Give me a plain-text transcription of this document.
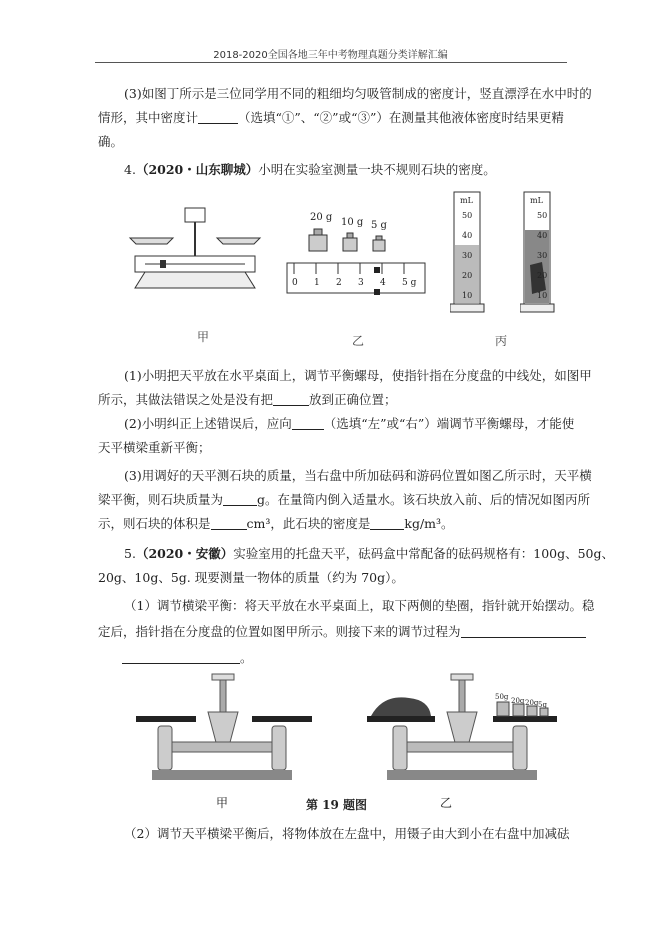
2018-2020全国各地三年中考物理真题分类详解汇编
(3)如图丁所示是三位同学用不同的粗细均匀吸管制成的密度计，竖直漂浮在水中时的
情形，其中密度计	（选填“①”、“②”或“③”）在测量其他液体密度时结果更精
确。
4.（2020・山东聊城）小明在实验室测量一块不规则石块的密度。
20 g 10 g 5 g
0	1	2	3	4	5 g
mL	mL
50
40
30
20
10
50
40
30
20
10
甲	乙	丙
(1)小明把天平放在水平桌面上，调节平衡螺母，使指针指在分度盘的中线处，如图甲
所示，其做法错误之处是没有把	放到正确位置；
(2)小明纠正上述错误后，应向	（选填“左”或“右”）端调节平衡螺母，才能使
天平横梁重新平衡；
(3)用调好的天平测石块的质量，当右盘中所加砝码和游码位置如图乙所示时，天平横
梁平衡，则石块质量为	g。在量筒内倒入适量水。该石块放入前、后的情况如图丙所
示，则石块的体积是	cm³，此石块的密度是	kg/m³。
5.（2020・安徽）实验室用的托盘天平，砝码盒中常配备的砝码规格有：100g、50g、
20g、10g、5g. 现要测量一物体的质量（约为 70g）。
（1）调节横梁平衡：将天平放在水平桌面上，取下两侧的垫圈，指针就开始摆动。稳
定后，指针指在分度盘的位置如图甲所示。则接下来的调节过程为
。
50g 20g 20g 5g
甲	第 19 题图	乙
（2）调节天平横梁平衡后，将物体放在左盘中，用镊子由大到小在右盘中加减砝
